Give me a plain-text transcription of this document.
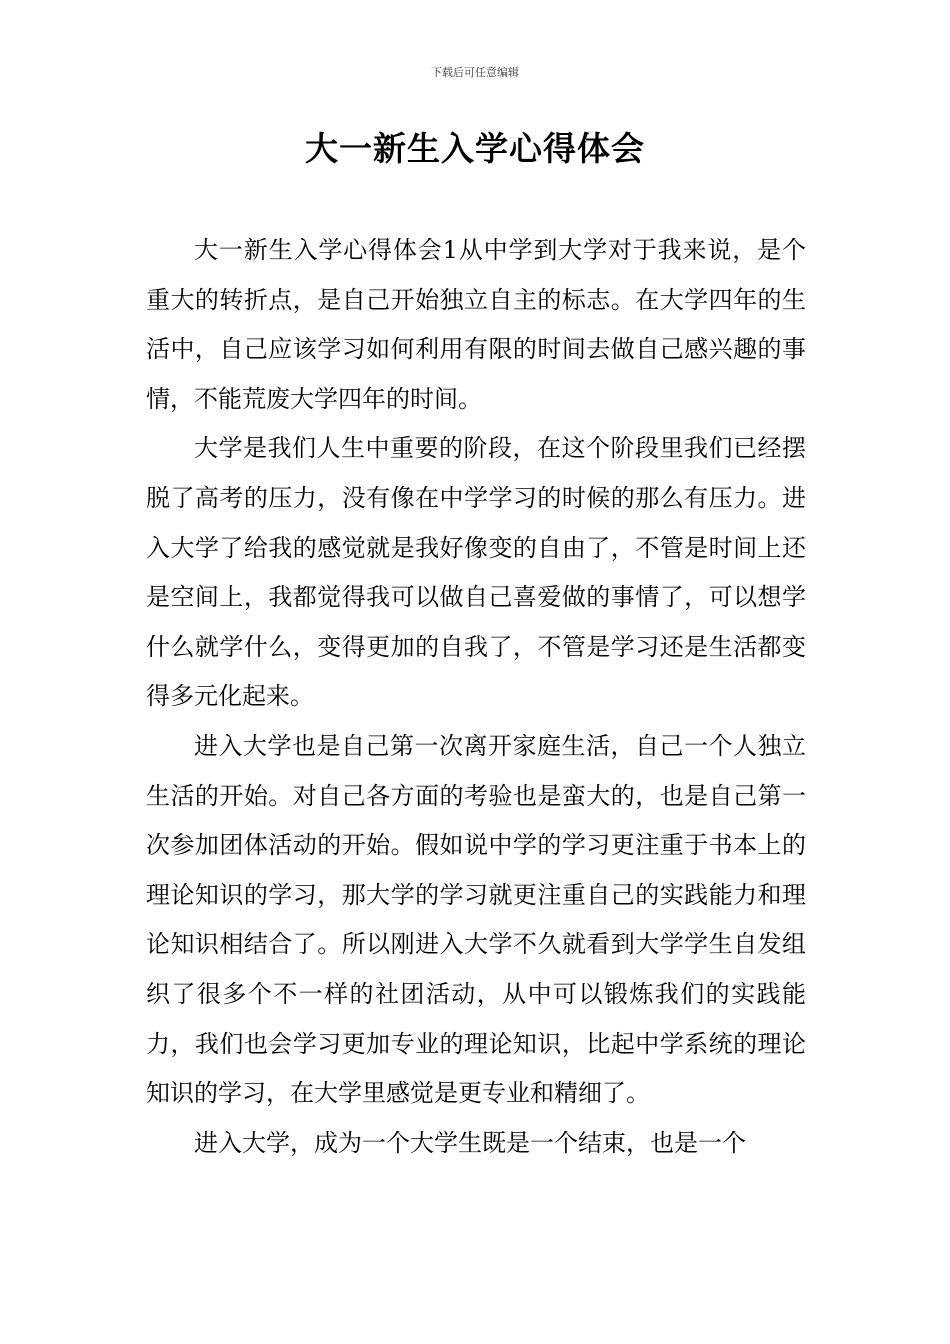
下载后可任意编辑
大一新生入学心得体会

大一新生入学心得体会1从中学到大学对于我来说，是个重大的转折点，是自己开始独立自主的标志。在大学四年的生活中，自己应该学习如何利用有限的时间去做自己感兴趣的事情，不能荒废大学四年的时间。

大学是我们人生中重要的阶段，在这个阶段里我们已经摆脱了高考的压力，没有像在中学学习的时候的那么有压力。进入大学了给我的感觉就是我好像变的自由了，不管是时间上还是空间上，我都觉得我可以做自己喜爱做的事情了，可以想学什么就学什么，变得更加的自我了，不管是学习还是生活都变得多元化起来。

进入大学也是自己第一次离开家庭生活，自己一个人独立生活的开始。对自己各方面的考验也是蛮大的，也是自己第一次参加团体活动的开始。假如说中学的学习更注重于书本上的理论知识的学习，那大学的学习就更注重自己的实践能力和理论知识相结合了。所以刚进入大学不久就看到大学学生自发组织了很多个不一样的社团活动，从中可以锻炼我们的实践能力，我们也会学习更加专业的理论知识，比起中学系统的理论知识的学习，在大学里感觉是更专业和精细了。

进入大学，成为一个大学生既是一个结束，也是一个
